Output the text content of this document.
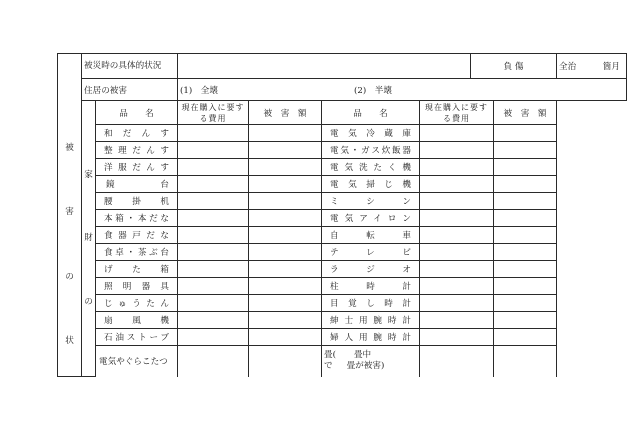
被
害
の
状	被災時の具体的状況						負 傷		全治 箇月

	住居の被害		(1)　全壊 (2)　半壊						

	家
財
の	品　　名	現在購入に要する費用	被　害　額	品　　名	現在購入に要する費用		被　害　額	
		和だんす			電気冷蔵庫				
		整理だんす			電気・ガス炊飯器				
		洋服だんす			電気洗たく機				

		鏡台			電気掃じ機				
		腰掛机			ミシン				
		本箱・本だな			電気アイロン				
		食器戸だな			自転車				
		食卓・茶ぶ台			テレビ				
		げた箱			ラジオ				
		照明器具			柱時計				
		じゅうたん			目覚し時計				
		扇風機			紳士用腕時計				
		石油ストーブ			婦人用腕時計				
		電気やぐらこたつ			畳( 畳中
で 畳が被害)				
